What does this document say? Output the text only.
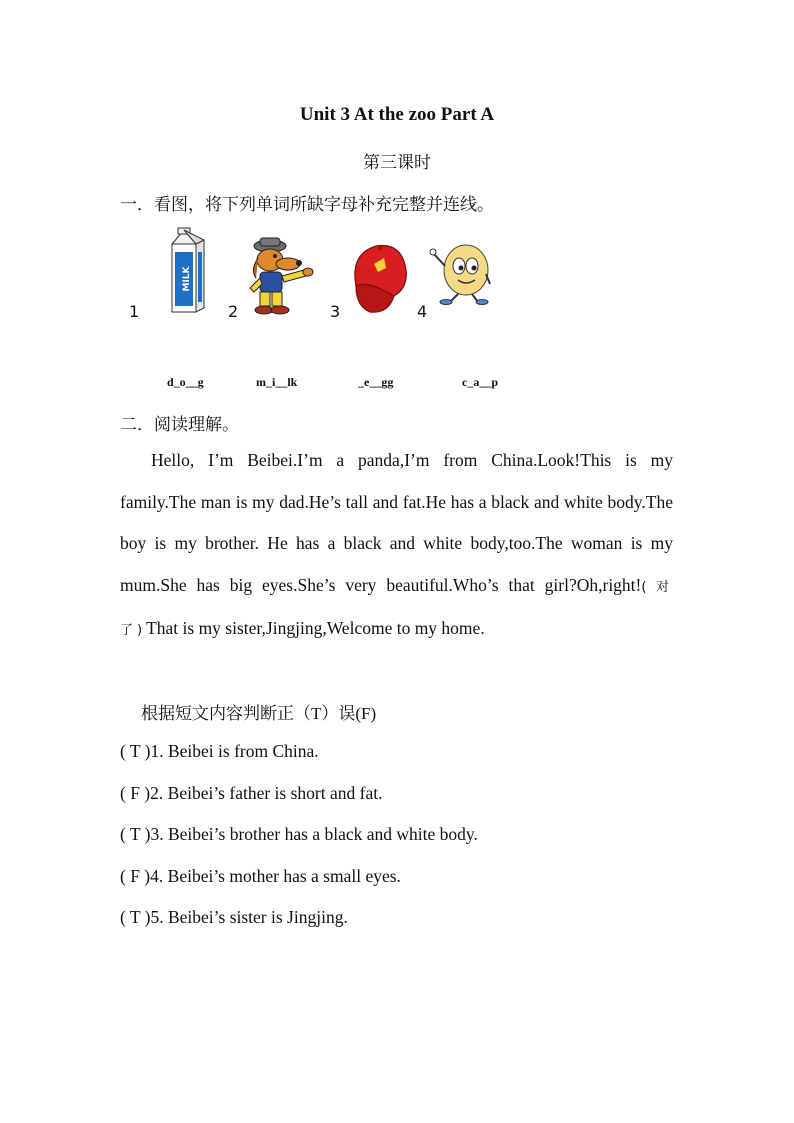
Unit 3 At the zoo Part A
第三课时
一．看图，将下列单词所缺字母补充完整并连线。
1	2	3	4
MILK
d_o__g	m_i__lk	_e__gg	c_a__p
二．阅读理解。

Hello, I’m Beibei.I’m a panda,I’m from China.Look!This is my family.The man is my dad.He’s tall and fat.He has a black and white body.The boy is my brother. He has a black and white body,too.The woman is my mum.She has big eyes.She’s very beautiful.Who’s that girl?Oh,right!(对了)That is my sister,Jingjing,Welcome to my home.

根据短文内容判断正（T）误(F)
( T )1. Beibei is from China.
( F )2. Beibei’s father is short and fat.
( T )3. Beibei’s brother has a black and white body.
( F )4. Beibei’s mother has a small eyes.
( T )5. Beibei’s sister is Jingjing.
